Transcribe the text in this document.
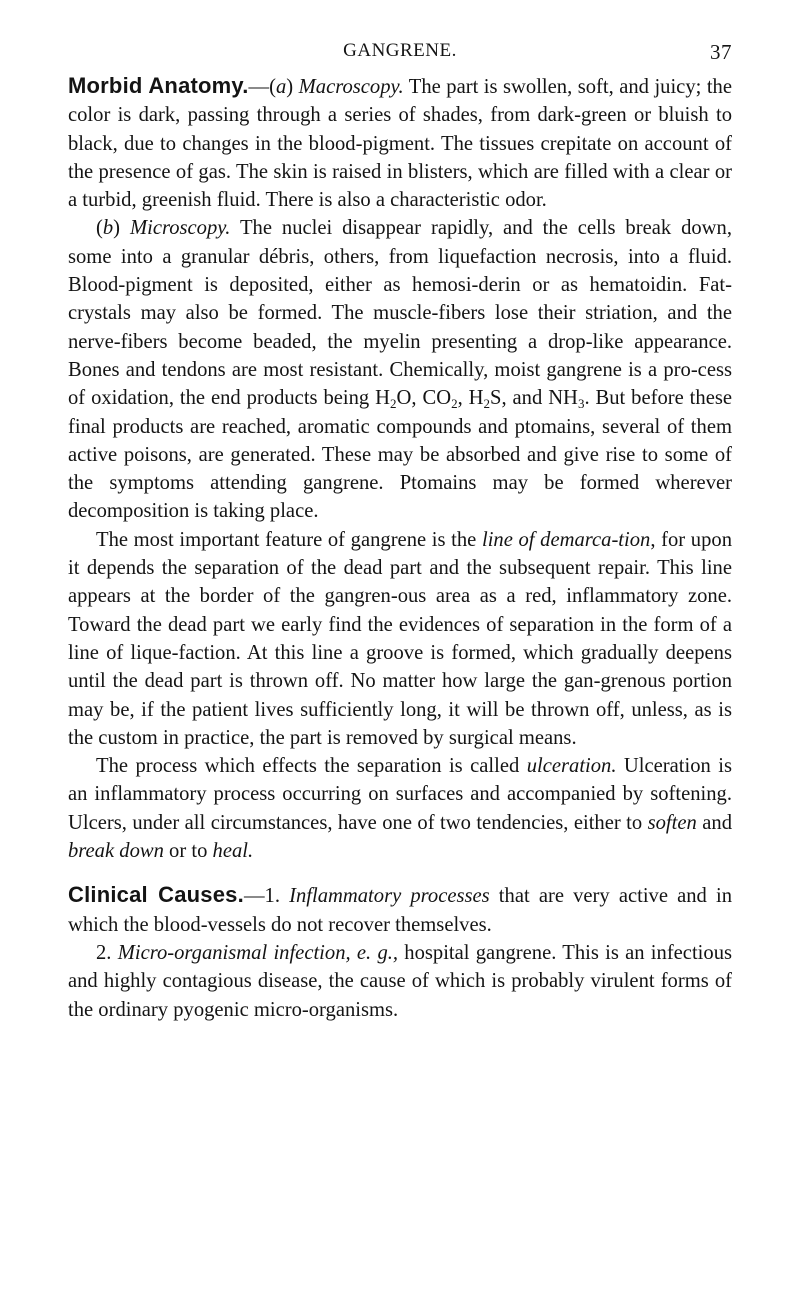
GANGRENE.	37

Morbid Anatomy.—(a) Macroscopy. The part is swollen, soft, and juicy; the color is dark, passing through a series of shades, from dark-green or bluish to black, due to changes in the blood-pigment. The tissues crepitate on account of the presence of gas. The skin is raised in blisters, which are filled with a clear or a turbid, greenish fluid. There is also a characteristic odor.

(b) Microscopy. The nuclei disappear rapidly, and the cells break down, some into a granular débris, others, from liquefaction necrosis, into a fluid. Blood-pigment is deposited, either as hemosi-derin or as hematoidin. Fat-crystals may also be formed. The muscle-fibers lose their striation, and the nerve-fibers become beaded, the myelin presenting a drop-like appearance. Bones and tendons are most resistant. Chemically, moist gangrene is a pro-cess of oxidation, the end products being $H_2O$, $CO_2$, $H_2S$, and $NH_3$. But before these final products are reached, aromatic compounds and ptomains, several of them active poisons, are generated. These may be absorbed and give rise to some of the symptoms attending gangrene. Ptomains may be formed wherever decomposition is taking place.

The most important feature of gangrene is the line of demarca-tion, for upon it depends the separation of the dead part and the subsequent repair. This line appears at the border of the gangren-ous area as a red, inflammatory zone. Toward the dead part we early find the evidences of separation in the form of a line of lique-faction. At this line a groove is formed, which gradually deepens until the dead part is thrown off. No matter how large the gan-grenous portion may be, if the patient lives sufficiently long, it will be thrown off, unless, as is the custom in practice, the part is removed by surgical means.

The process which effects the separation is called ulceration. Ulceration is an inflammatory process occurring on surfaces and accompanied by softening. Ulcers, under all circumstances, have one of two tendencies, either to soften and break down or to heal.

Clinical Causes.—1. Inflammatory processes that are very active and in which the blood-vessels do not recover themselves.

2. Micro-organismal infection, e. g., hospital gangrene. This is an infectious and highly contagious disease, the cause of which is probably virulent forms of the ordinary pyogenic micro-organisms.
